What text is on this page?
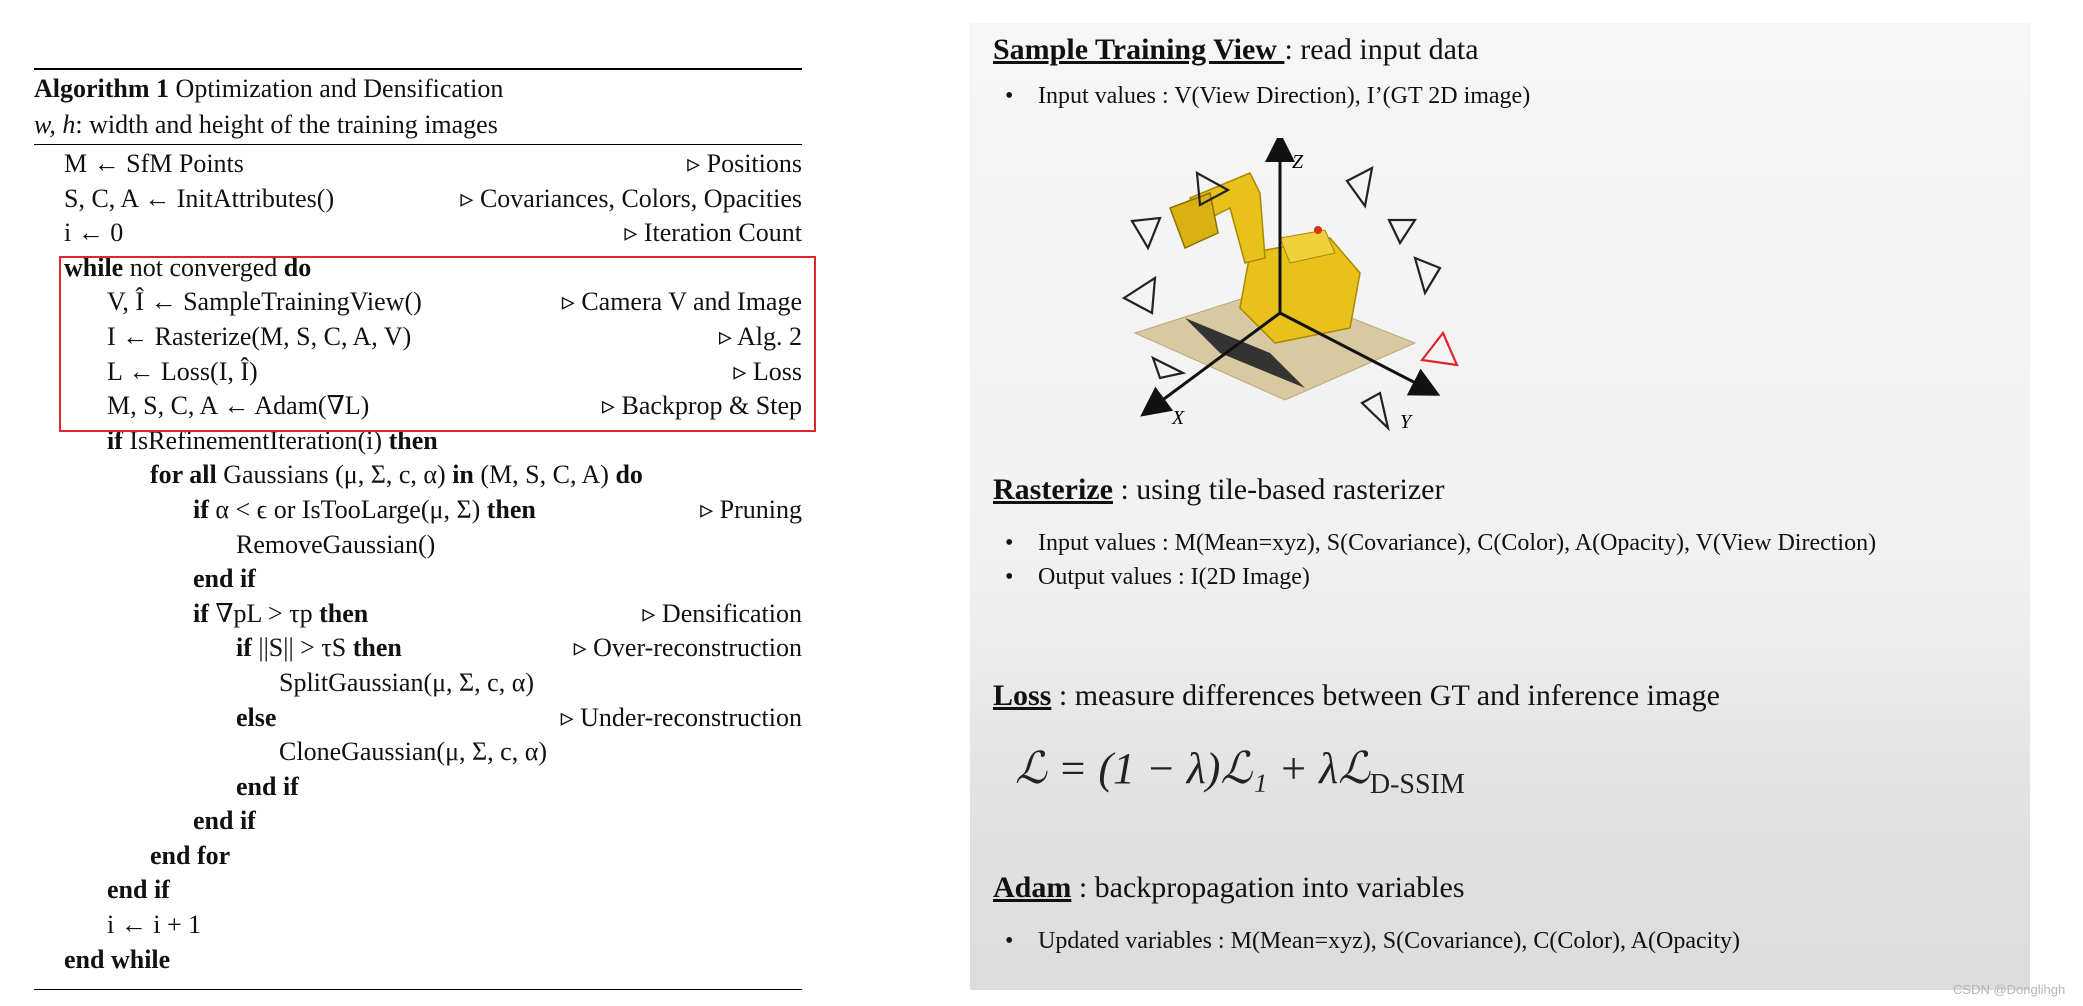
Algorithm 1 Optimization and Densification
w, h: width and height of the training images
M ← SfM Points	▹ Positions
S, C, A ← InitAttributes()	▹ Covariances, Colors, Opacities
i ← 0	▹ Iteration Count
while not converged do
V, Î ← SampleTrainingView()	▹ Camera V and Image
I ← Rasterize(M, S, C, A, V)	▹ Alg. 2
L ← Loss(I, Î)	▹ Loss
M, S, C, A ← Adam(∇L)	▹ Backprop & Step
if IsRefinementIteration(i) then
for all Gaussians (μ, Σ, c, α) in (M, S, C, A) do
if α < ϵ or IsTooLarge(μ, Σ) then	▹ Pruning
RemoveGaussian()
end if
if ∇pL > τp then	▹ Densification
if ||S|| > τS then	▹ Over-reconstruction
SplitGaussian(μ, Σ, c, α)
else	▹ Under-reconstruction
CloneGaussian(μ, Σ, c, α)
end if
end if
end for
end if
i ← i + 1
end while
Sample Training View : read input data
• Input values : V(View Direction), I’(GT 2D image)
Z
X	Y
Rasterize : using tile-based rasterizer
• Input values : M(Mean=xyz), S(Covariance), C(Color), A(Opacity), V(View Direction)
• Output values : I(2D Image)
Loss : measure differences between GT and inference image
ℒ = (1 − λ)ℒ₁ + λℒ$_{D-SSIM}$
Adam : backpropagation into variables
• Updated variables : M(Mean=xyz), S(Covariance), C(Color), A(Opacity)
CSDN @Donglihgh
